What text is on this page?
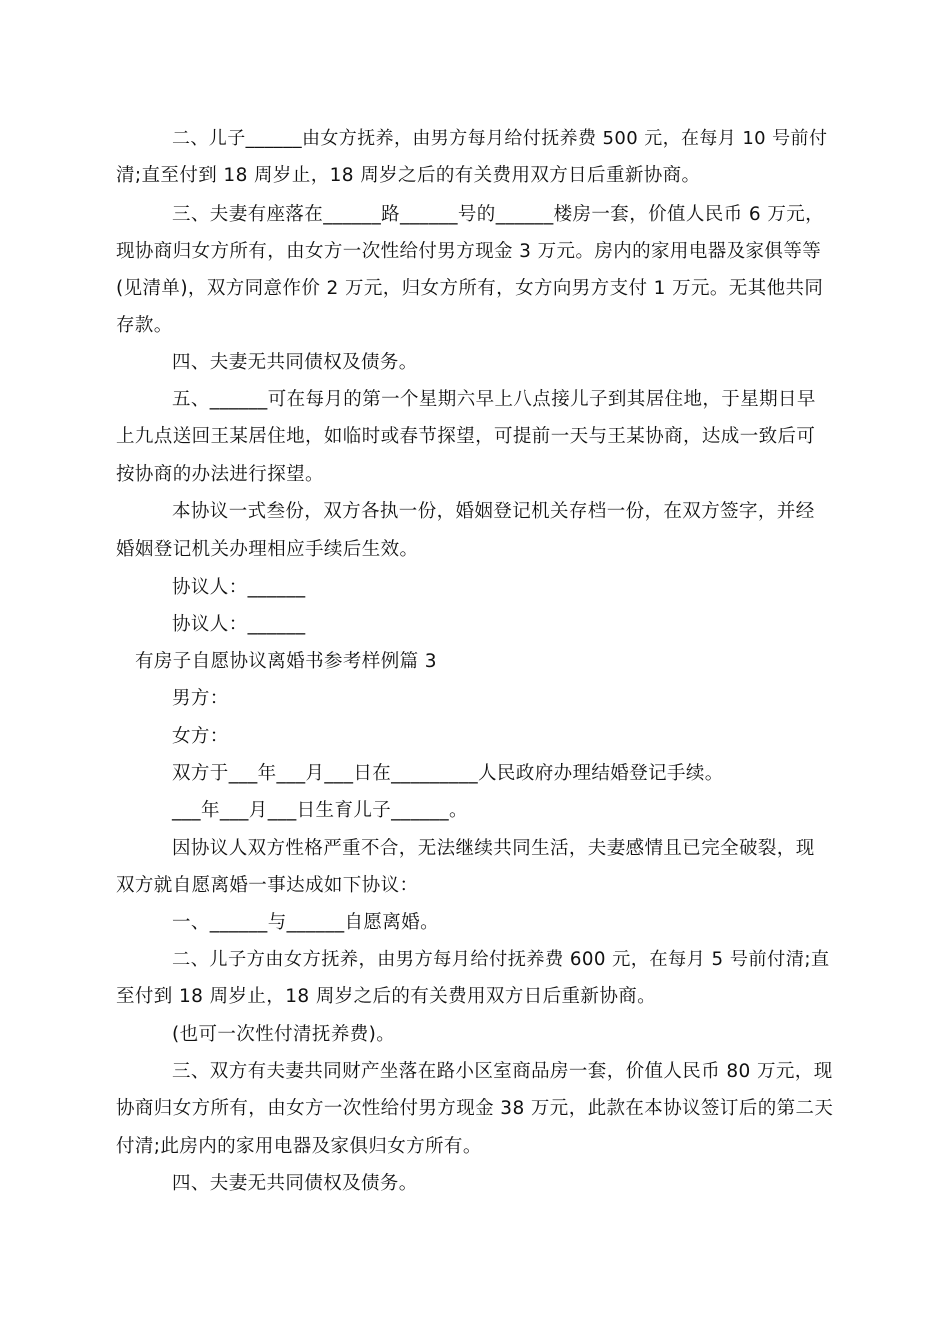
二、儿子______由女方抚养，由男方每月给付抚养费 500 元，在每月 10 号前付
清;直至付到 18 周岁止，18 周岁之后的有关费用双方日后重新协商。
三、夫妻有座落在______路______号的______楼房一套，价值人民币 6 万元，
现协商归女方所有，由女方一次性给付男方现金 3 万元。房内的家用电器及家俱等等
(见清单)，双方同意作价 2 万元，归女方所有，女方向男方支付 1 万元。无其他共同
存款。
四、夫妻无共同债权及债务。
五、______可在每月的第一个星期六早上八点接儿子到其居住地，于星期日早
上九点送回王某居住地，如临时或春节探望，可提前一天与王某协商，达成一致后可
按协商的办法进行探望。
本协议一式叁份，双方各执一份，婚姻登记机关存档一份，在双方签字，并经
婚姻登记机关办理相应手续后生效。
协议人：______
协议人：______
有房子自愿协议离婚书参考样例篇 3
男方：
女方：
双方于___年___月___日在_________人民政府办理结婚登记手续。
___年___月___日生育儿子______。
因协议人双方性格严重不合，无法继续共同生活，夫妻感情且已完全破裂，现
双方就自愿离婚一事达成如下协议：
一、______与______自愿离婚。
二、儿子方由女方抚养，由男方每月给付抚养费 600 元，在每月 5 号前付清;直
至付到 18 周岁止，18 周岁之后的有关费用双方日后重新协商。
(也可一次性付清抚养费)。
三、双方有夫妻共同财产坐落在路小区室商品房一套，价值人民币 80 万元，现
协商归女方所有，由女方一次性给付男方现金 38 万元，此款在本协议签订后的第二天
付清;此房内的家用电器及家俱归女方所有。
四、夫妻无共同债权及债务。
